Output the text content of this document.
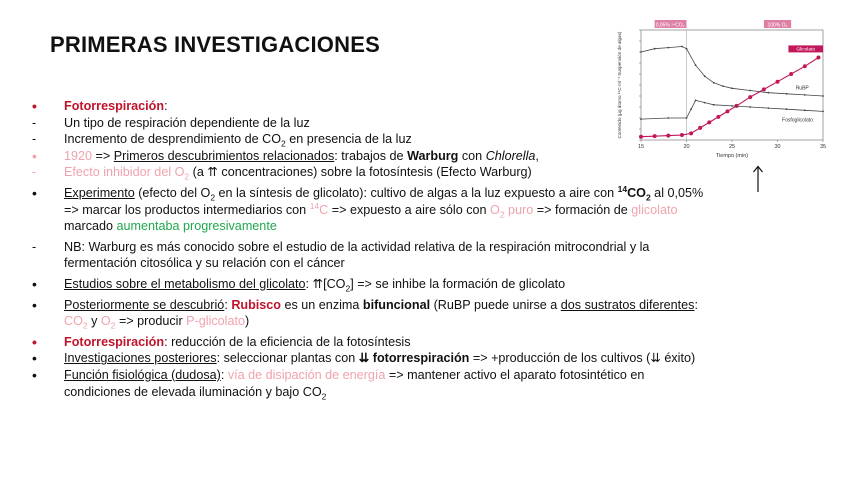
PRIMERAS INVESTIGACIONES
0,05% ¹⁴CO₂	100% O₂
Contenido (µg átomo ¹⁴C·ml⁻¹ Suspensión de algas)
15	20	25	30	35
Tiempo (min)
Glicolato
RuBP
Fosfoglicolato
•	Fotorrespiración:
-	Un tipo de respiración dependiente de la luz
-	Incremento de desprendimiento de $CO_2$ en presencia de la luz
•	1920 => Primeros descubrimientos relacionados: trabajos de Warburg con Chlorella,
-	Efecto inhibidor del $O_2$ (a ⇈ concentraciones) sobre la fotosíntesis (Efecto Warburg)
•	Experimento (efecto del $O_2$ en la síntesis de glicolato): cultivo de algas a la luz expuesto a aire con $^{14}CO_2$ al 0,05%
=> marcar los productos intermediarios con $^{14}$C => expuesto a aire sólo con $O_2$ puro => formación de glicolato
marcado aumentaba progresivamente
-	NB: Warburg es más conocido sobre el estudio de la actividad relativa de la respiración mitrocondrial y la
fermentación citosólica y su relación con el cáncer
•	Estudios sobre el metabolismo del glicolato: $⇈[CO_2]$ => se inhibe la formación de glicolato
•	Posteriormente se descubrió: Rubisco es un enzima bifuncional (RuBP puede unirse a dos sustratos diferentes:
$CO_2$ y $O_2$ => producir P-glicolato)
•	Fotorrespiración: reducción de la eficiencia de la fotosíntesis
•	Investigaciones posteriores: seleccionar plantas con ⇊ fotorrespiración => +producción de los cultivos (⇊ éxito)
•	Función fisiológica (dudosa): vía de disipación de energía => mantener activo el aparato fotosintético en
condiciones de elevada iluminación y bajo $CO_2$
